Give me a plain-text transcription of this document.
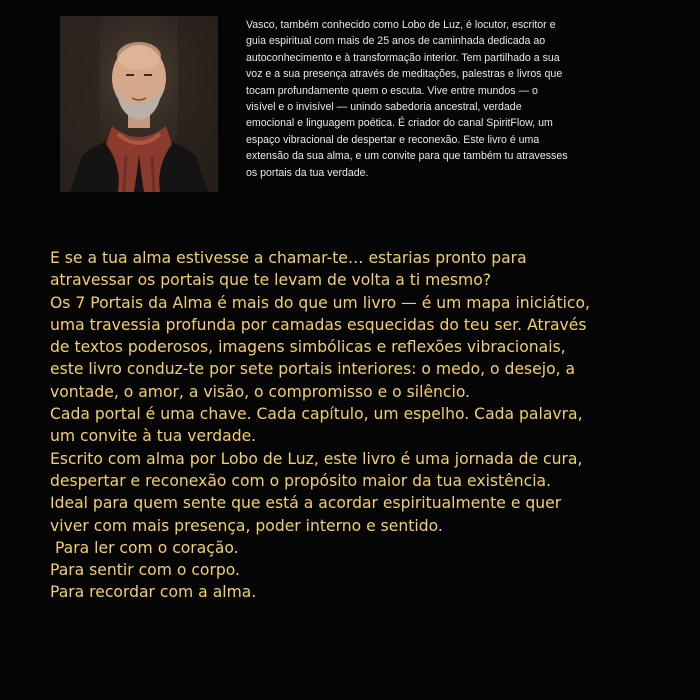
Vasco, também conhecido como Lobo de Luz, é locutor, escritor e
guia espiritual com mais de 25 anos de caminhada dedicada ao
autoconhecimento e à transformação interior. Tem partilhado a sua
voz e a sua presença através de meditações, palestras e livros que
tocam profundamente quem o escuta. Vive entre mundos — o
visível e o invisível — unindo sabedoria ancestral, verdade
emocional e linguagem poética. É criador do canal SpiritFlow, um
espaço vibracional de despertar e reconexão. Este livro é uma
extensão da sua alma, e um convite para que também tu atravesses
os portais da tua verdade.

E se a tua alma estivesse a chamar-te… estarias pronto para
atravessar os portais que te levam de volta a ti mesmo?
Os 7 Portais da Alma é mais do que um livro — é um mapa iniciático,
uma travessia profunda por camadas esquecidas do teu ser. Através
de textos poderosos, imagens simbólicas e reflexões vibracionais,
este livro conduz-te por sete portais interiores: o medo, o desejo, a
vontade, o amor, a visão, o compromisso e o silêncio.
Cada portal é uma chave. Cada capítulo, um espelho. Cada palavra,
um convite à tua verdade.
Escrito com alma por Lobo de Luz, este livro é uma jornada de cura,
despertar e reconexão com o propósito maior da tua existência.
Ideal para quem sente que está a acordar espiritualmente e quer
viver com mais presença, poder interno e sentido.
Para ler com o coração.
Para sentir com o corpo.
Para recordar com a alma.
